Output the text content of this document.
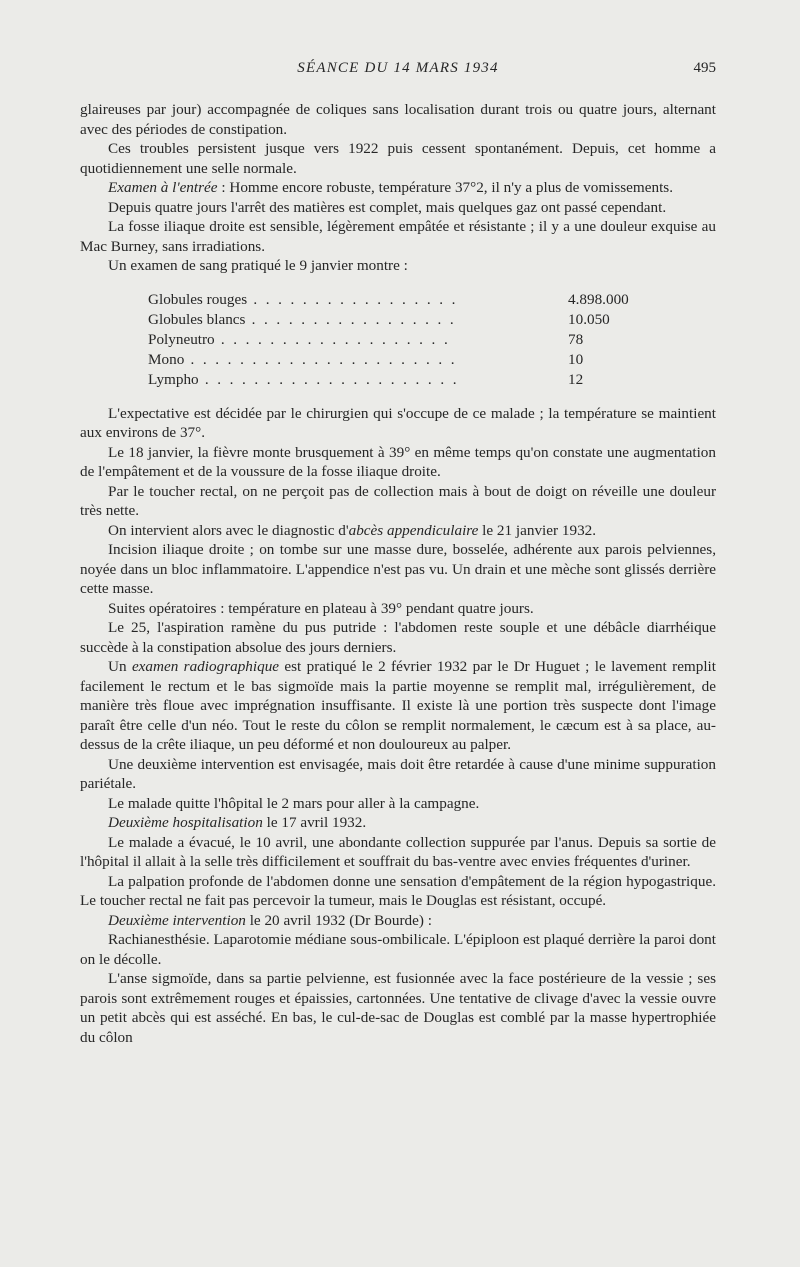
SÉANCE DU 14 MARS 1934	495

glaireuses par jour) accompagnée de coliques sans localisation durant trois ou quatre jours, alternant avec des périodes de constipation.

Ces troubles persistent jusque vers 1922 puis cessent spontanément. Depuis, cet homme a quotidiennement une selle normale.

Examen à l'entrée : Homme encore robuste, température 37°2, il n'y a plus de vomissements.

Depuis quatre jours l'arrêt des matières est complet, mais quelques gaz ont passé cependant.

La fosse iliaque droite est sensible, légèrement empâtée et résistante ; il y a une douleur exquise au Mac Burney, sans irradiations.

Un examen de sang pratiqué le 9 janvier montre :

Globules rouges . . . . . . . . . . . . . . . . .	4.898.000
Globules blancs . . . . . . . . . . . . . . . . .	10.050
Polyneutro . . . . . . . . . . . . . . . . . . .	78
Mono . . . . . . . . . . . . . . . . . . . . . .	10
Lympho . . . . . . . . . . . . . . . . . . . . .	12

L'expectative est décidée par le chirurgien qui s'occupe de ce malade ; la température se maintient aux environs de 37°.

Le 18 janvier, la fièvre monte brusquement à 39° en même temps qu'on constate une augmentation de l'empâtement et de la voussure de la fosse iliaque droite.

Par le toucher rectal, on ne perçoit pas de collection mais à bout de doigt on réveille une douleur très nette.

On intervient alors avec le diagnostic d'abcès appendiculaire le 21 janvier 1932.

Incision iliaque droite ; on tombe sur une masse dure, bosselée, adhérente aux parois pelviennes, noyée dans un bloc inflammatoire. L'appendice n'est pas vu. Un drain et une mèche sont glissés derrière cette masse.

Suites opératoires : température en plateau à 39° pendant quatre jours.

Le 25, l'aspiration ramène du pus putride : l'abdomen reste souple et une débâcle diarrhéique succède à la constipation absolue des jours derniers.

Un examen radiographique est pratiqué le 2 février 1932 par le Dr Huguet ; le lavement remplit facilement le rectum et le bas sigmoïde mais la partie moyenne se remplit mal, irrégulièrement, de manière très floue avec imprégnation insuffisante. Il existe là une portion très suspecte dont l'image paraît être celle d'un néo. Tout le reste du côlon se remplit normalement, le cæcum est à sa place, au-dessus de la crête iliaque, un peu déformé et non douloureux au palper.

Une deuxième intervention est envisagée, mais doit être retardée à cause d'une minime suppuration pariétale.

Le malade quitte l'hôpital le 2 mars pour aller à la campagne.

Deuxième hospitalisation le 17 avril 1932.

Le malade a évacué, le 10 avril, une abondante collection suppurée par l'anus. Depuis sa sortie de l'hôpital il allait à la selle très difficilement et souffrait du bas-ventre avec envies fréquentes d'uriner.

La palpation profonde de l'abdomen donne une sensation d'empâtement de la région hypogastrique. Le toucher rectal ne fait pas percevoir la tumeur, mais le Douglas est résistant, occupé.

Deuxième intervention le 20 avril 1932 (Dr Bourde) :

Rachianesthésie. Laparotomie médiane sous-ombilicale. L'épiploon est plaqué derrière la paroi dont on le décolle.

L'anse sigmoïde, dans sa partie pelvienne, est fusionnée avec la face postérieure de la vessie ; ses parois sont extrêmement rouges et épaissies, cartonnées. Une tentative de clivage d'avec la vessie ouvre un petit abcès qui est asséché. En bas, le cul-de-sac de Douglas est comblé par la masse hypertrophiée du côlon
